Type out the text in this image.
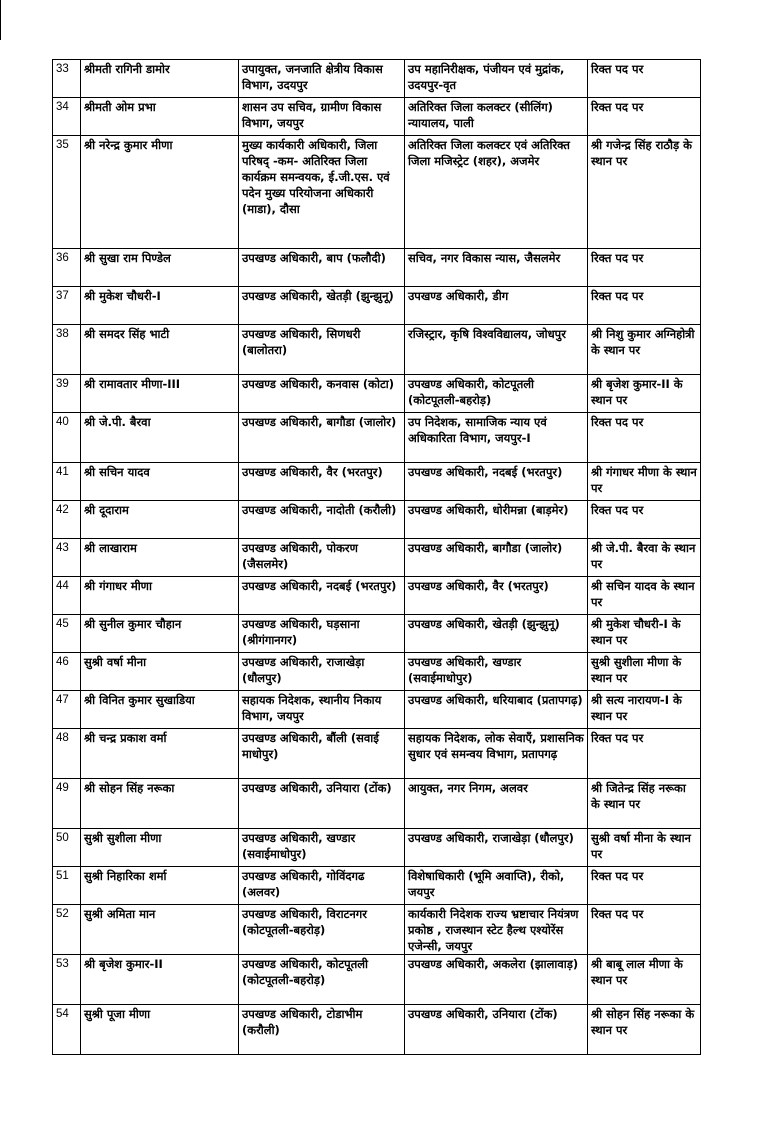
33	श्रीमती रागिनी डामोर	उपायुक्त, जनजाति क्षेत्रीय विकास विभाग, उदयपुर	उप महानिरीक्षक, पंजीयन एवं मुद्रांक, उदयपुर-वृत	रिक्त पद पर

34	श्रीमती ओम प्रभा	शासन उप सचिव, ग्रामीण विकास विभाग, जयपुर	अतिरिक्त जिला कलक्टर (सीलिंग) न्यायालय, पाली	रिक्त पद पर

35	श्री नरेन्द्र कुमार मीणा	मुख्य कार्यकारी अधिकारी, जिला परिषद् -कम- अतिरिक्त जिला कार्यक्रम समन्वयक, ई.जी.एस. एवं पदेन मुख्य परियोजना अधिकारी (माडा), दौसा	अतिरिक्त जिला कलक्टर एवं अतिरिक्त जिला मजिस्ट्रेट (शहर), अजमेर	श्री गजेन्द्र सिंह राठौड़ के स्थान पर

36	श्री सुखा राम पिण्डेल	उपखण्ड अधिकारी, बाप (फलौदी)	सचिव, नगर विकास न्यास, जैसलमेर	रिक्त पद पर

37	श्री मुकेश चौधरी-I	उपखण्ड अधिकारी, खेतड़ी (झुन्झुनू)	उपखण्ड अधिकारी, डीग	रिक्त पद पर

38	श्री समदर सिंह भाटी	उपखण्ड अधिकारी, सिणधरी (बालोतरा)	रजिस्ट्रार, कृषि विश्वविद्यालय, जोधपुर	श्री निशु कुमार अग्निहोत्री के स्थान पर

39	श्री रामावतार मीणा-III	उपखण्ड अधिकारी, कनवास (कोटा)	उपखण्ड अधिकारी, कोटपूतली (कोटपूतली-बहरोड़)	श्री बृजेश कुमार-II के स्थान पर

40	श्री जे.पी. बैरवा	उपखण्ड अधिकारी, बागौडा (जालोर)	उप निदेशक, सामाजिक न्याय एवं अधिकारिता विभाग, जयपुर-I	रिक्त पद पर

41	श्री सचिन यादव	उपखण्ड अधिकारी, वैर (भरतपुर)	उपखण्ड अधिकारी, नदबई (भरतपुर)	श्री गंगाधर मीणा के स्थान पर

42	श्री दूदाराम	उपखण्ड अधिकारी, नादोती (करौली)	उपखण्ड अधिकारी, धोरीमन्ना (बाड़मेर)	रिक्त पद पर

43	श्री लाखाराम	उपखण्ड अधिकारी, पोकरण (जैसलमेर)	उपखण्ड अधिकारी, बागौडा (जालोर)	श्री जे.पी. बैरवा के स्थान पर

44	श्री गंगाधर मीणा	उपखण्ड अधिकारी, नदबई (भरतपुर)	उपखण्ड अधिकारी, वैर (भरतपुर)	श्री सचिन यादव के स्थान पर

45	श्री सुनील कुमार चौहान	उपखण्ड अधिकारी, घड़साना (श्रीगंगानगर)	उपखण्ड अधिकारी, खेतड़ी (झुन्झुनू)	श्री मुकेश चौधरी-I के स्थान पर

46	सुश्री वर्षा मीना	उपखण्ड अधिकारी, राजाखेड़ा (धौलपुर)	उपखण्ड अधिकारी, खण्डार (सवाईमाधोपुर)	सुश्री सुशीला मीणा के स्थान पर

47	श्री विनित कुमार सुखाडिया	सहायक निदेशक, स्थानीय निकाय विभाग, जयपुर	उपखण्ड अधिकारी, धरियाबाद (प्रतापगढ़)	श्री सत्य नारायण-I के स्थान पर

48	श्री चन्द्र प्रकाश वर्मा	उपखण्ड अधिकारी, बौंली (सवाई माधोपुर)	सहायक निदेशक, लोक सेवाएँ, प्रशासनिक सुधार एवं समन्वय विभाग, प्रतापगढ़	रिक्त पद पर

49	श्री सोहन सिंह नरूका	उपखण्ड अधिकारी, उनियारा (टोंक)	आयुक्त, नगर निगम, अलवर	श्री जितेन्द्र सिंह नरूका के स्थान पर

50	सुश्री सुशीला मीणा	उपखण्ड अधिकारी, खण्डार (सवाईमाधोपुर)	उपखण्ड अधिकारी, राजाखेड़ा (धौलपुर)	सुश्री वर्षा मीना के स्थान पर

51	सुश्री निहारिका शर्मा	उपखण्ड अधिकारी, गोविंदगढ (अलवर)	विशेषाधिकारी (भूमि अवाप्ति), रीको, जयपुर	रिक्त पद पर

52	सुश्री अमिता मान	उपखण्ड अधिकारी, विराटनगर (कोटपूतली-बहरोड़)	कार्यकारी निदेशक राज्य भ्रष्टाचार नियंत्रण प्रकोष्ठ , राजस्थान स्टेट हैल्थ एश्योरेंस एजेन्सी, जयपुर	रिक्त पद पर

53	श्री बृजेश कुमार-II	उपखण्ड अधिकारी, कोटपूतली (कोटपूतली-बहरोड़)	उपखण्ड अधिकारी, अकलेरा (झालावाड़)	श्री बाबू लाल मीणा के स्थान पर

54	सुश्री पूजा मीणा	उपखण्ड अधिकारी, टोडाभीम (करौली)	उपखण्ड अधिकारी, उनियारा (टोंक)	श्री सोहन सिंह नरूका के स्थान पर
